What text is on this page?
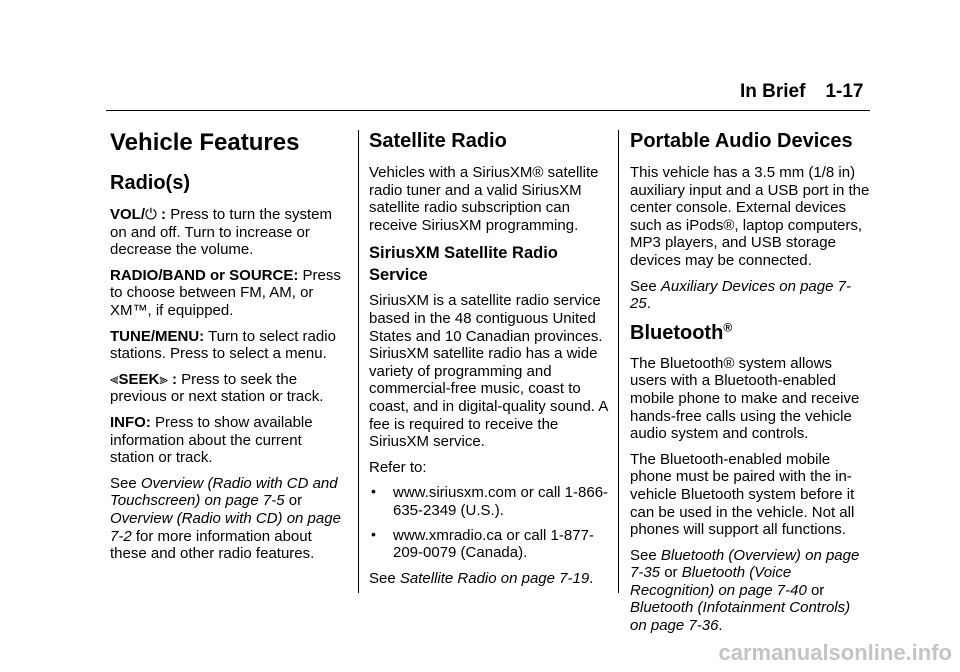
In Brief 1-17
Vehicle Features
Radio(s)

VOL/⏻ : Press to turn the system on and off. Turn to increase or decrease the volume.

RADIO/BAND or SOURCE: Press to choose between FM, AM, or XM™, if equipped.

TUNE/MENU: Turn to select radio stations. Press to select a menu.

⫷SEEK⫸ : Press to seek the previous or next station or track.

INFO: Press to show available information about the current station or track.

See Overview (Radio with CD and Touchscreen) on page 7-5 or Overview (Radio with CD) on page 7-2 for more information about these and other radio features.

Satellite Radio

Vehicles with a SiriusXM® satellite radio tuner and a valid SiriusXM satellite radio subscription can receive SiriusXM programming.

SiriusXM Satellite Radio Service

SiriusXM is a satellite radio service based in the 48 contiguous United States and 10 Canadian provinces. SiriusXM satellite radio has a wide variety of programming and commercial-free music, coast to coast, and in digital-quality sound. A fee is required to receive the SiriusXM service.

Refer to:

• www.siriusxm.com or call 1-866-635-2349 (U.S.).
• www.xmradio.ca or call 1-877-209-0079 (Canada).

See Satellite Radio on page 7-19.

Portable Audio Devices

This vehicle has a 3.5 mm (1/8 in) auxiliary input and a USB port in the center console. External devices such as iPods®, laptop computers, MP3 players, and USB storage devices may be connected.

See Auxiliary Devices on page 7-25.

Bluetooth®

The Bluetooth® system allows users with a Bluetooth-enabled mobile phone to make and receive hands-free calls using the vehicle audio system and controls.

The Bluetooth-enabled mobile phone must be paired with the in-vehicle Bluetooth system before it can be used in the vehicle. Not all phones will support all functions.

See Bluetooth (Overview) on page 7-35 or Bluetooth (Voice Recognition) on page 7-40 or Bluetooth (Infotainment Controls) on page 7-36.

carmanualsonline.info
